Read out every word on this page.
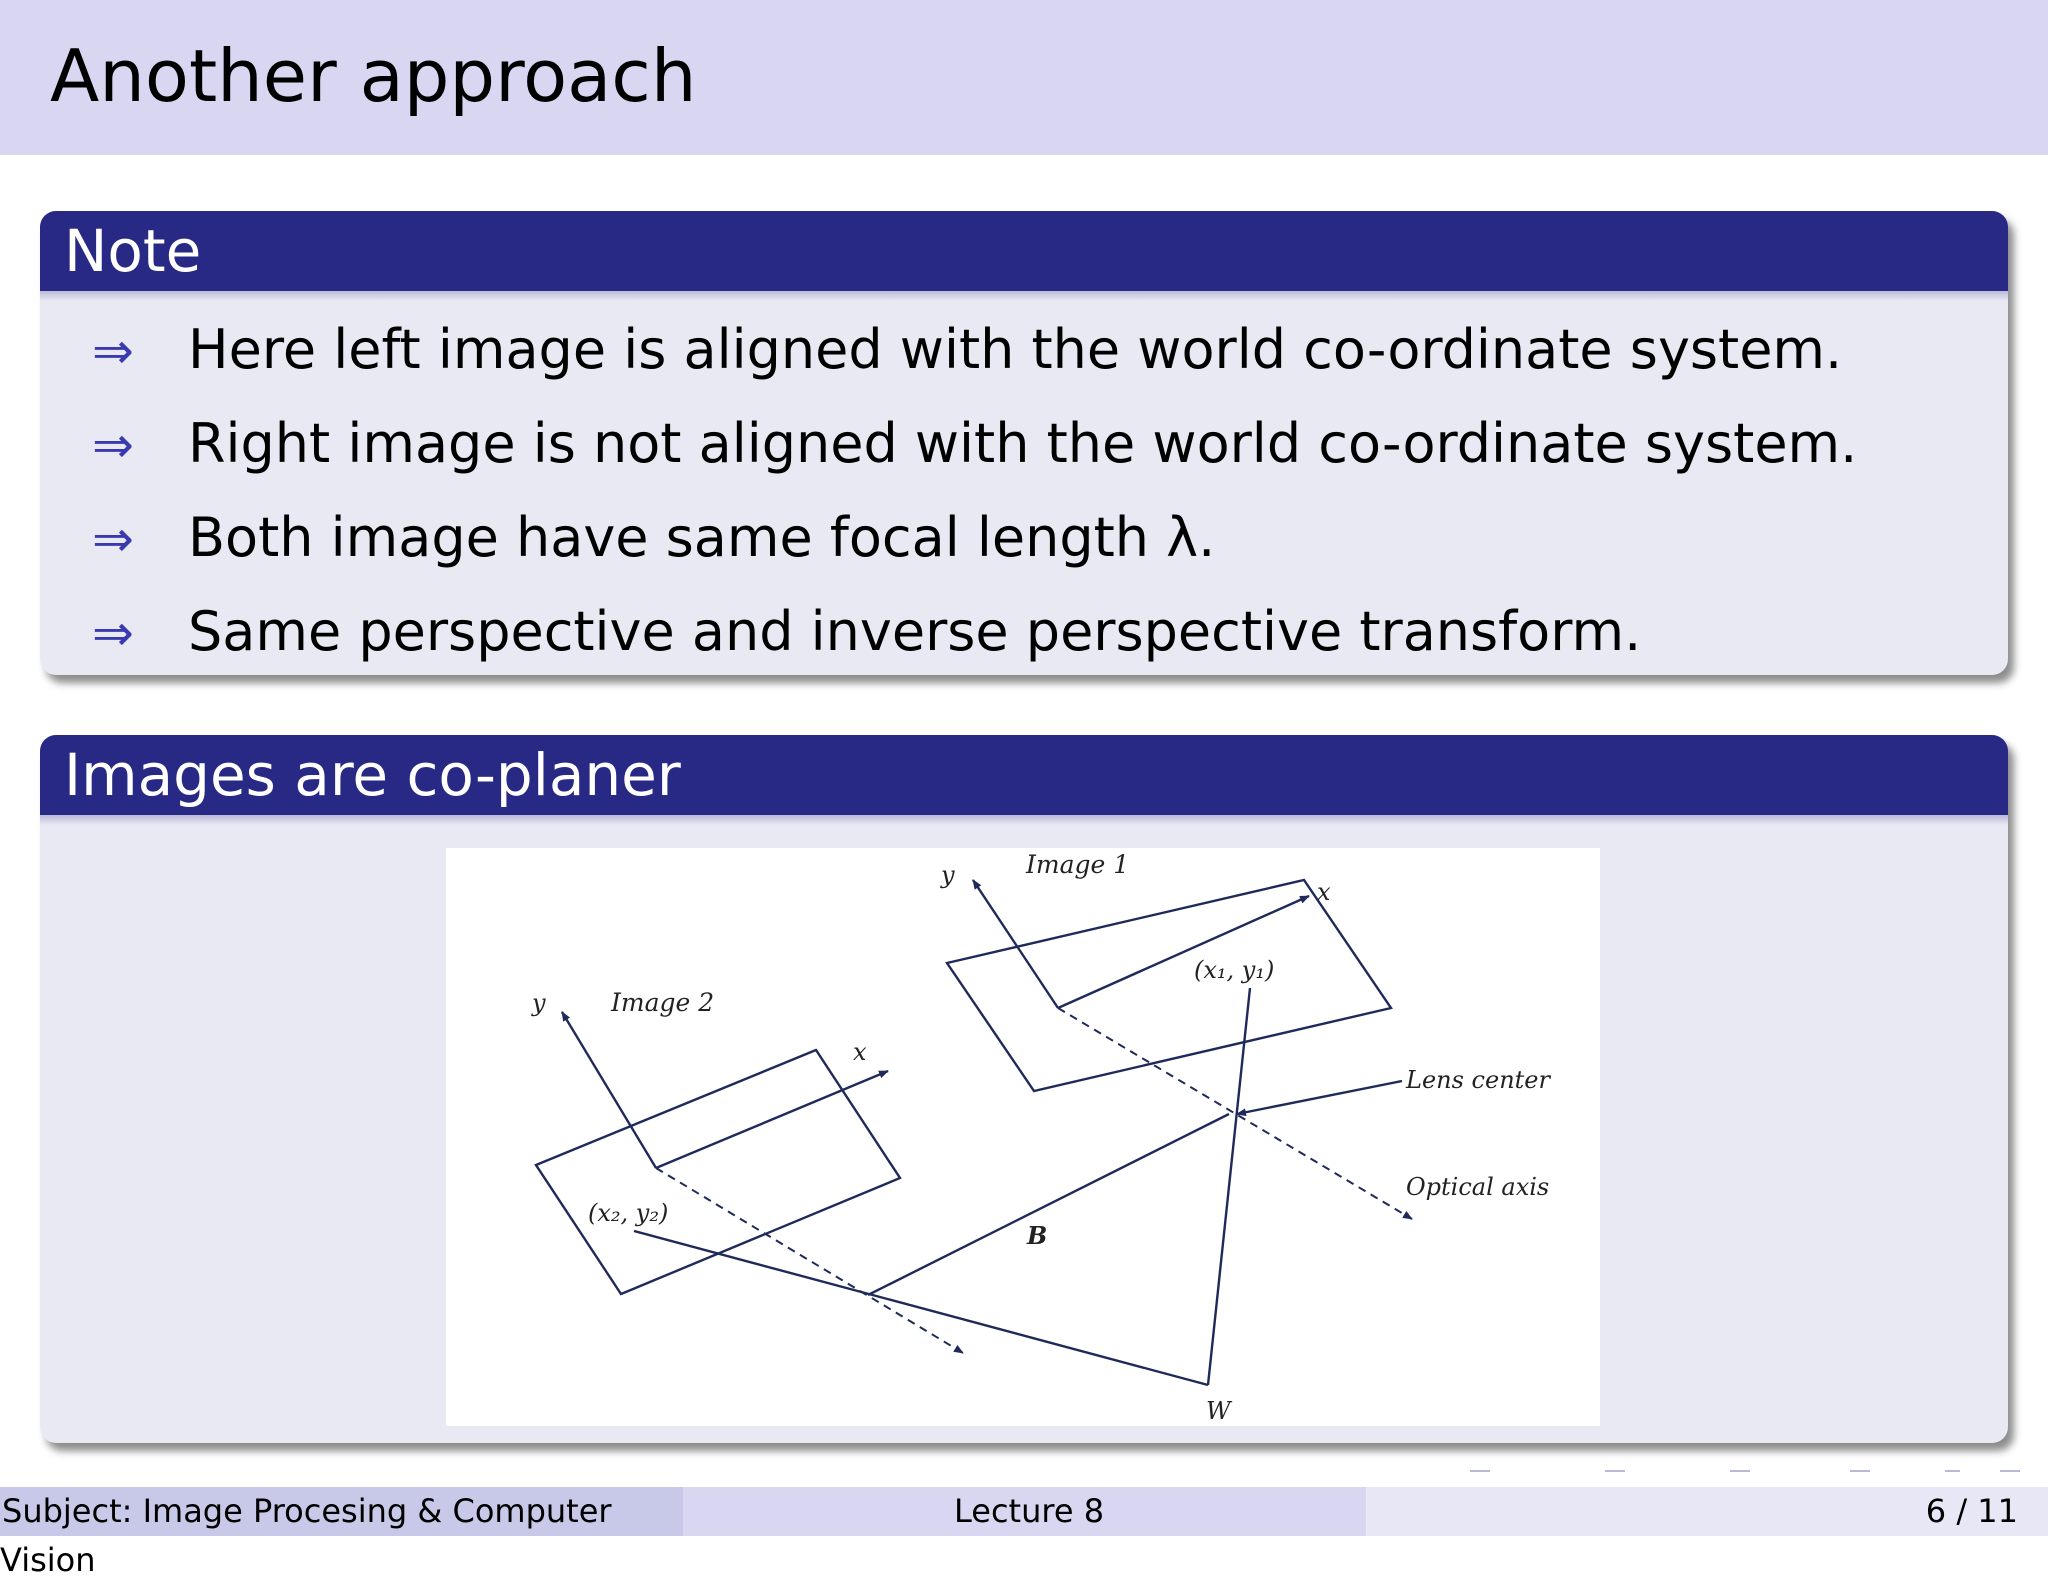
Another approach
Note
⇒ Here left image is aligned with the world co-ordinate system.
⇒ Right image is not aligned with the world co-ordinate system.
⇒ Both image have same focal length λ.
⇒ Same perspective and inverse perspective transform.
Images are co-planer
Image 1
y
x
(x₁, y₁)
Image 2
y
x
(x₂, y₂)
Lens center
Optical axis
B
W
Subject: Image Procesing & Computer Vision
Lecture 8	6 / 11
